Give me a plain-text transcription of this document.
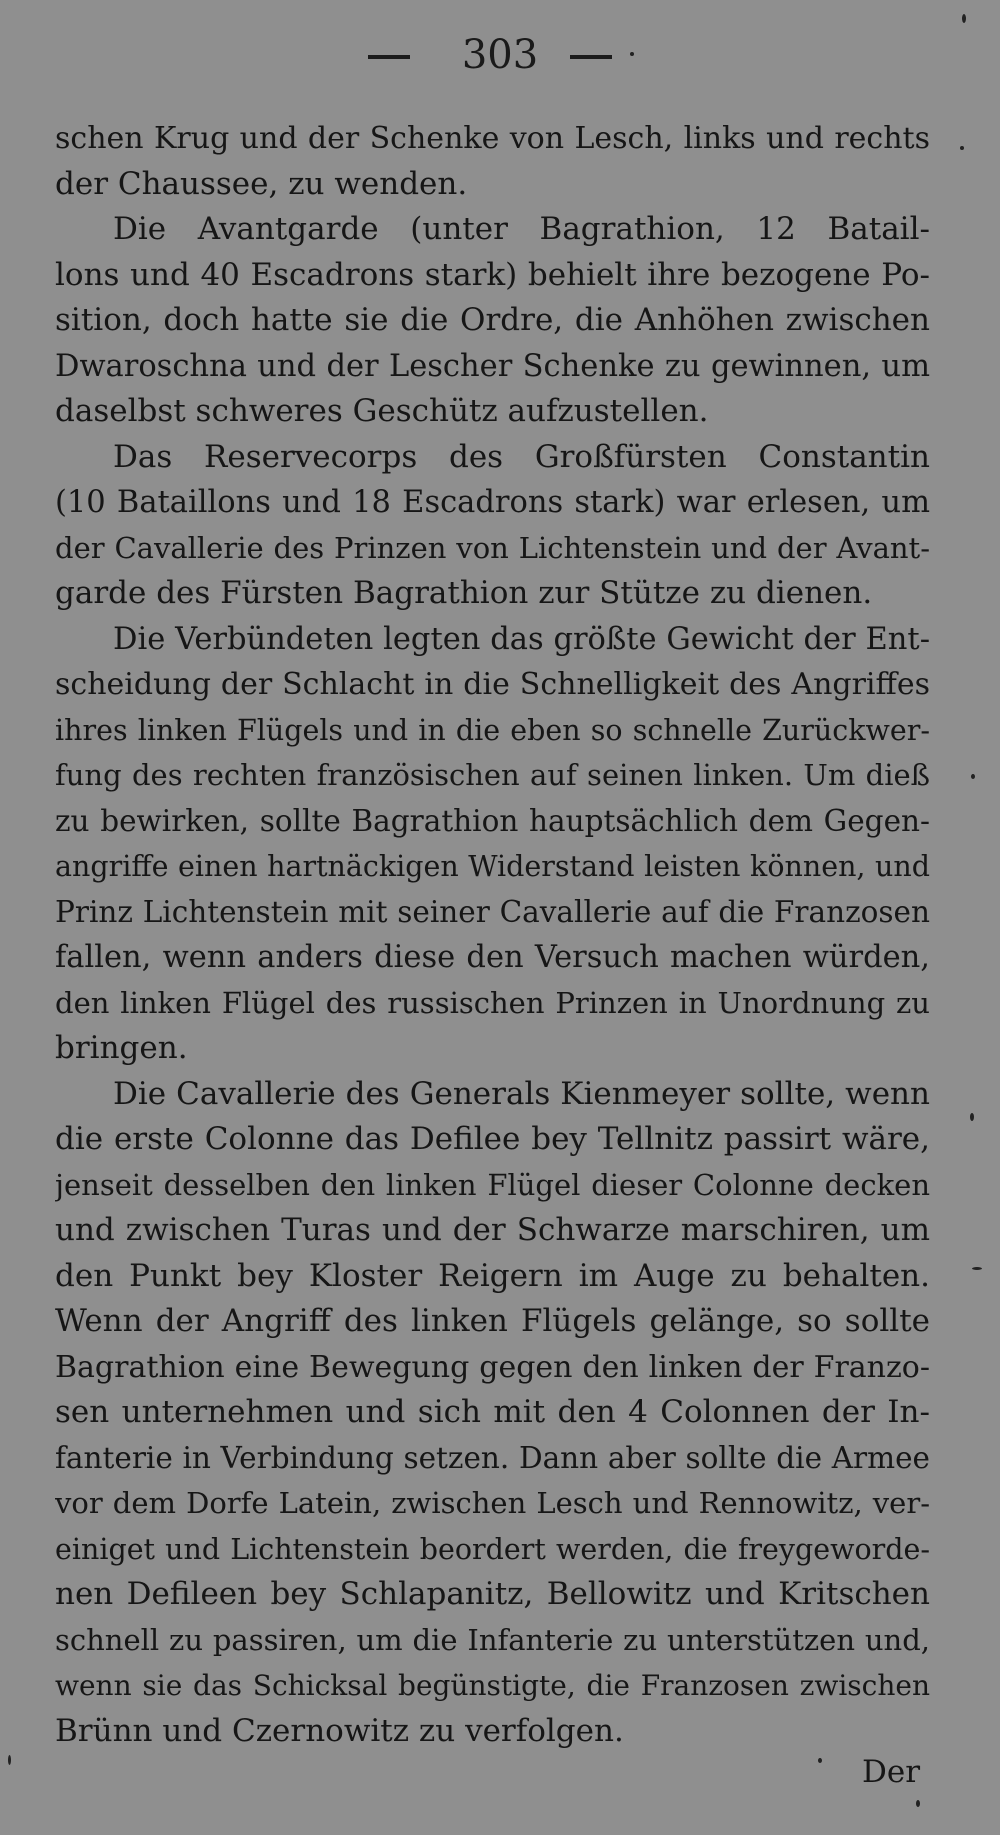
303
schen Krug und der Schenke von Lesch, links und rechts
der Chaussee, zu wenden.
Die Avantgarde (unter Bagrathion, 12 Batail-
lons und 40 Escadrons stark) behielt ihre bezogene Po-
sition, doch hatte sie die Ordre, die Anhöhen zwischen
Dwaroschna und der Lescher Schenke zu gewinnen, um
daselbst schweres Geschütz aufzustellen.
Das Reservecorps des Großfürsten Constantin
(10 Bataillons und 18 Escadrons stark) war erlesen, um
der Cavallerie des Prinzen von Lichtenstein und der Avant-
garde des Fürsten Bagrathion zur Stütze zu dienen.
Die Verbündeten legten das größte Gewicht der Ent-
scheidung der Schlacht in die Schnelligkeit des Angriffes
ihres linken Flügels und in die eben so schnelle Zurückwer-
fung des rechten französischen auf seinen linken. Um dieß
zu bewirken, sollte Bagrathion hauptsächlich dem Gegen-
angriffe einen hartnäckigen Widerstand leisten können, und
Prinz Lichtenstein mit seiner Cavallerie auf die Franzosen
fallen, wenn anders diese den Versuch machen würden,
den linken Flügel des russischen Prinzen in Unordnung zu
bringen.
Die Cavallerie des Generals Kienmeyer sollte, wenn
die erste Colonne das Defilee bey Tellnitz passirt wäre,
jenseit desselben den linken Flügel dieser Colonne decken
und zwischen Turas und der Schwarze marschiren, um
den Punkt bey Kloster Reigern im Auge zu behalten.
Wenn der Angriff des linken Flügels gelänge, so sollte
Bagrathion eine Bewegung gegen den linken der Franzo-
sen unternehmen und sich mit den 4 Colonnen der In-
fanterie in Verbindung setzen. Dann aber sollte die Armee
vor dem Dorfe Latein, zwischen Lesch und Rennowitz, ver-
einiget und Lichtenstein beordert werden, die freygeworde-
nen Defileen bey Schlapanitz, Bellowitz und Kritschen
schnell zu passiren, um die Infanterie zu unterstützen und,
wenn sie das Schicksal begünstigte, die Franzosen zwischen
Brünn und Czernowitz zu verfolgen.
Der
